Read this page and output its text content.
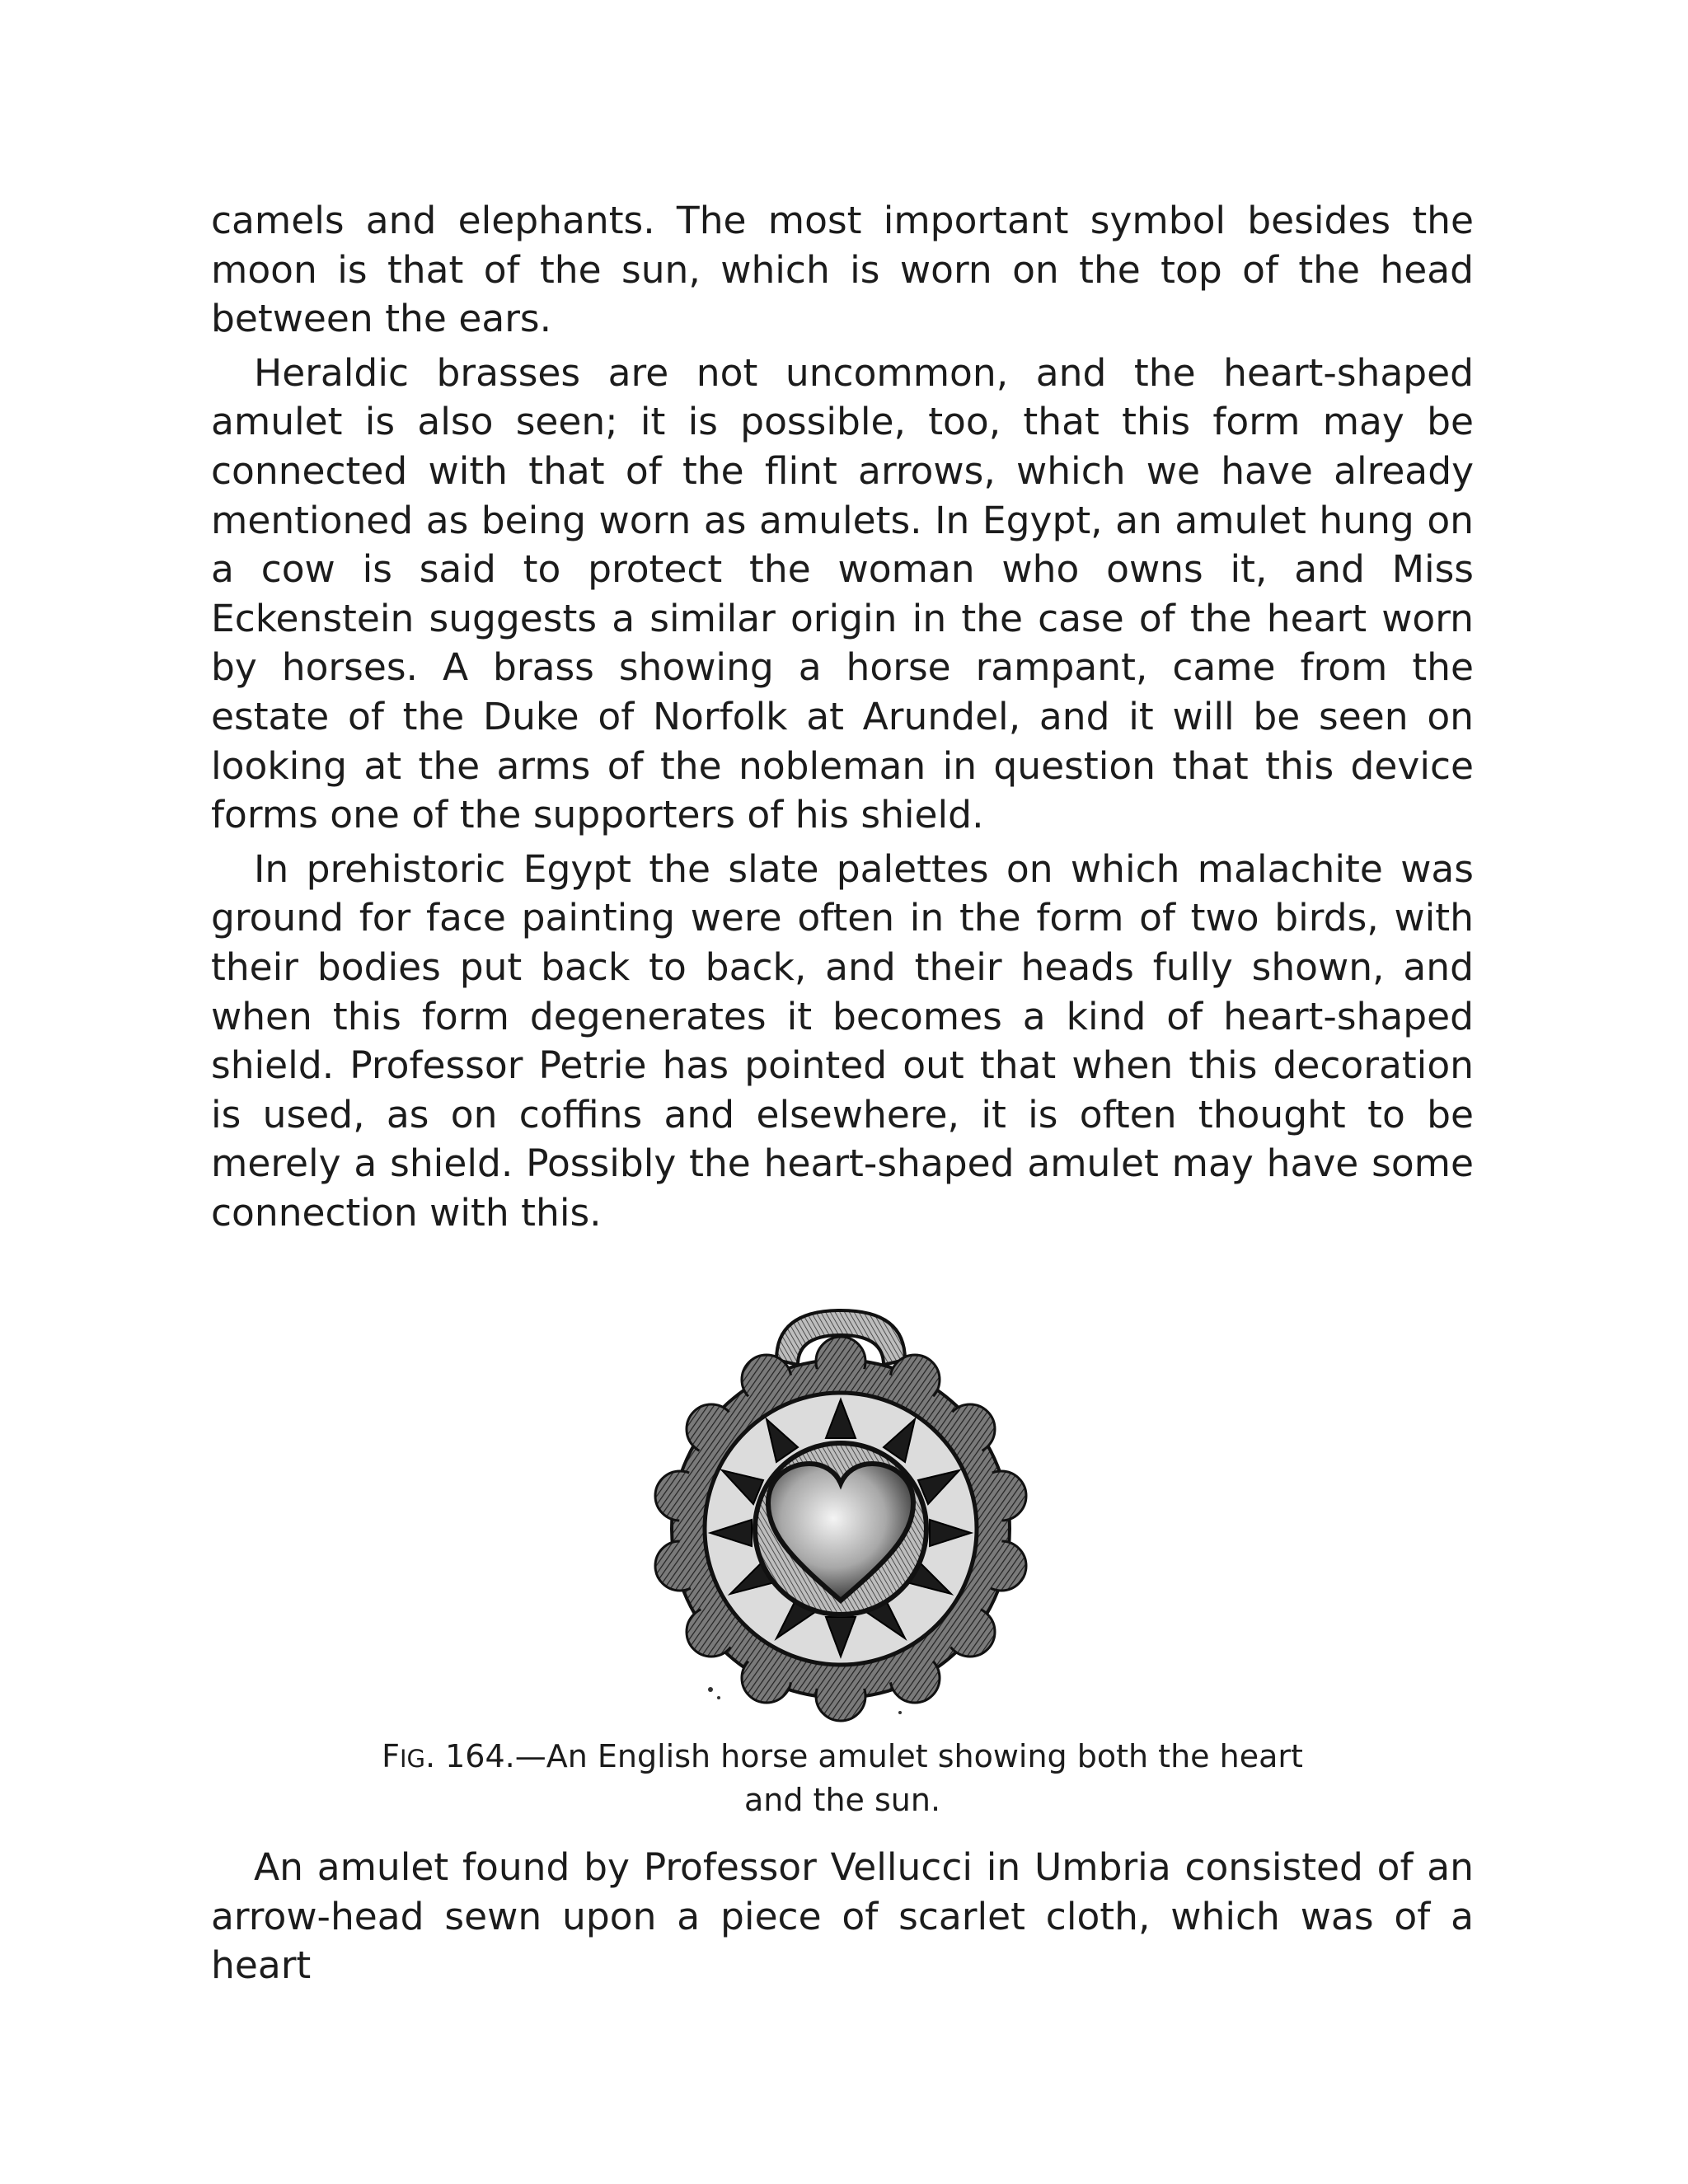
camels and elephants. The most important symbol besides the moon is that of the sun, which is worn on the top of the head between the ears.

Heraldic brasses are not uncommon, and the heart-shaped amulet is also seen; it is possible, too, that this form may be connected with that of the flint arrows, which we have already mentioned as being worn as amulets. In Egypt, an amulet hung on a cow is said to protect the woman who owns it, and Miss Eckenstein suggests a similar origin in the case of the heart worn by horses. A brass showing a horse rampant, came from the estate of the Duke of Norfolk at Arundel, and it will be seen on looking at the arms of the nobleman in question that this device forms one of the supporters of his shield.

In prehistoric Egypt the slate palettes on which malachite was ground for face painting were often in the form of two birds, with their bodies put back to back, and their heads fully shown, and when this form degenerates it becomes a kind of heart-shaped shield. Professor Petrie has pointed out that when this decoration is used, as on coffins and elsewhere, it is often thought to be merely a shield. Possibly the heart-shaped amulet may have some connection with this.

FIG. 164.—An English horse amulet showing both the heart
and the sun.

An amulet found by Professor Vellucci in Umbria consisted of an arrow-head sewn upon a piece of scarlet cloth, which was of a heart
